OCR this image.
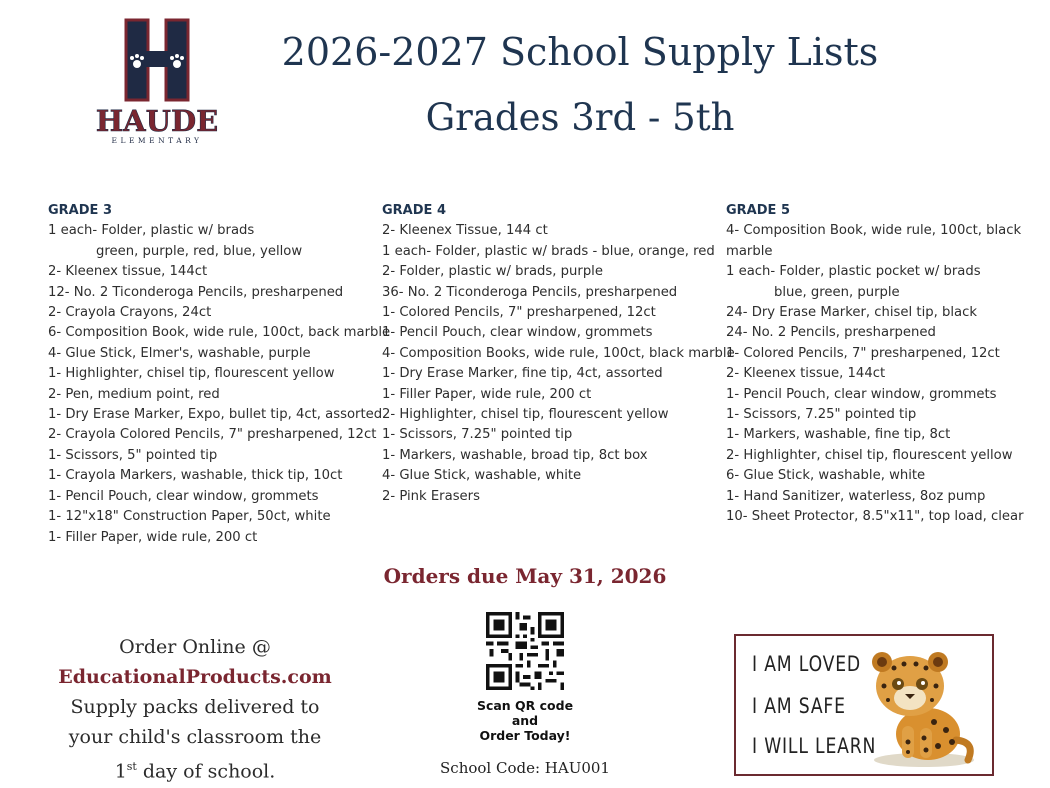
HAUDE
ELEMENTARY
2026-2027 School Supply Lists
Grades 3rd - 5th
GRADE 3
1 each- Folder, plastic w/ brads
green, purple, red, blue, yellow
2- Kleenex tissue, 144ct
12- No. 2 Ticonderoga Pencils, presharpened
2- Crayola Crayons, 24ct
6- Composition Book, wide rule, 100ct, back marble
4- Glue Stick, Elmer's, washable, purple
1- Highlighter, chisel tip, flourescent yellow
2- Pen, medium point, red
1- Dry Erase Marker, Expo, bullet tip, 4ct, assorted
2- Crayola Colored Pencils, 7" presharpened, 12ct
1- Scissors, 5" pointed tip
1- Crayola Markers, washable, thick tip, 10ct
1- Pencil Pouch, clear window, grommets
1- 12"x18" Construction Paper, 50ct, white
1- Filler Paper, wide rule, 200 ct
GRADE 4
2- Kleenex Tissue, 144 ct
1 each- Folder, plastic w/ brads - blue, orange, red
2- Folder, plastic w/ brads, purple
36- No. 2 Ticonderoga Pencils, presharpened
1- Colored Pencils, 7" presharpened, 12ct
1- Pencil Pouch, clear window, grommets
4- Composition Books, wide rule, 100ct, black marble
1- Dry Erase Marker, fine tip, 4ct, assorted
1- Filler Paper, wide rule, 200 ct
2- Highlighter, chisel tip, flourescent yellow
1- Scissors, 7.25" pointed tip
1- Markers, washable, broad tip, 8ct box
4- Glue Stick, washable, white
2- Pink Erasers
GRADE 5
4- Composition Book, wide rule, 100ct, black marble
1 each- Folder, plastic pocket w/ brads
blue, green, purple
24- Dry Erase Marker, chisel tip, black
24- No. 2 Pencils, presharpened
1- Colored Pencils, 7" presharpened, 12ct
2- Kleenex tissue, 144ct
1- Pencil Pouch, clear window, grommets
1- Scissors, 7.25" pointed tip
1- Markers, washable, fine tip, 8ct
2- Highlighter, chisel tip, flourescent yellow
6- Glue Stick, washable, white
1- Hand Sanitizer, waterless, 8oz pump
10- Sheet Protector, 8.5"x11", top load, clear
Orders due May 31, 2026
Order Online @
EducationalProducts.com
Supply packs delivered to
your child's classroom the
1st day of school.
Scan QR code
and
Order Today!
School Code: HAU001
I AM LOVED
I AM SAFE
I WILL LEARN
